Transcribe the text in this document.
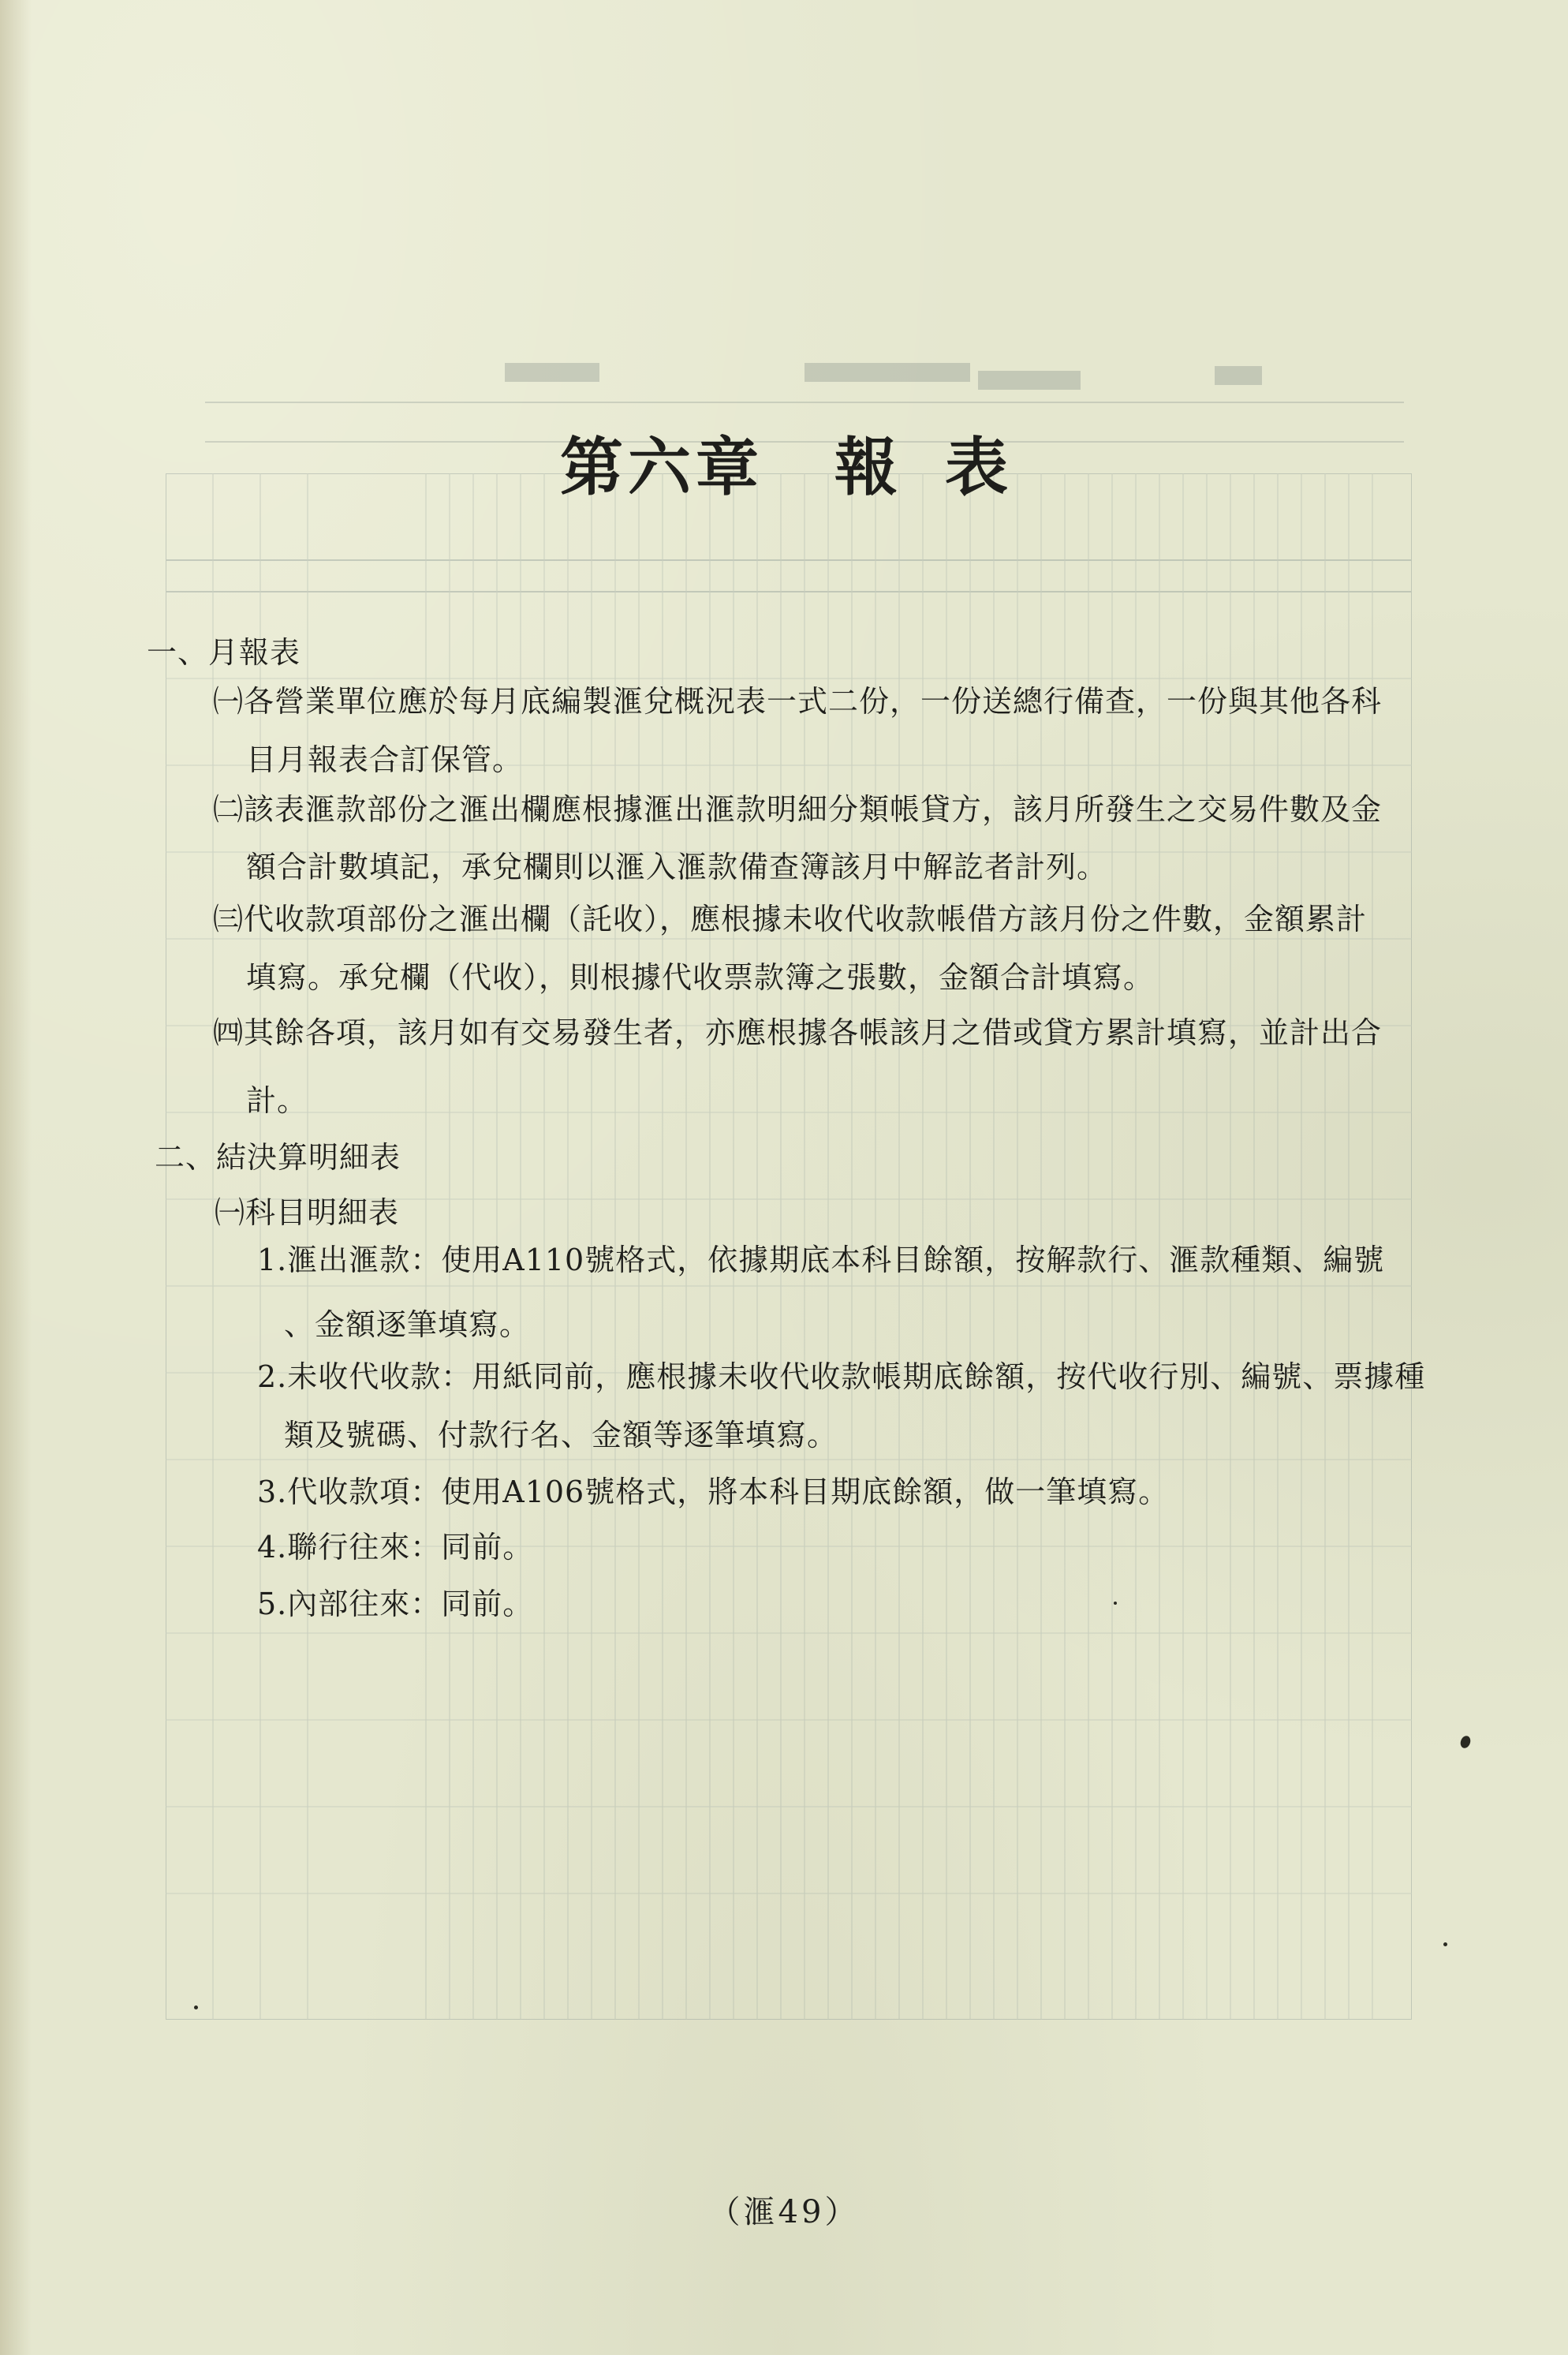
第六章 報表
一、月報表
㈠各營業單位應於每月底編製滙兌概況表一式二份，一份送總行備查，一份與其他各科
目月報表合訂保管。
㈡該表滙款部份之滙出欄應根據滙出滙款明細分類帳貸方，該月所發生之交易件數及金
額合計數填記，承兌欄則以滙入滙款備查簿該月中解訖者計列。
㈢代收款項部份之滙出欄（託收），應根據未收代收款帳借方該月份之件數，金額累計
填寫。承兌欄（代收），則根據代收票款簿之張數，金額合計填寫。
㈣其餘各項，該月如有交易發生者，亦應根據各帳該月之借或貸方累計填寫，並計出合
計。
二、結決算明細表
㈠科目明細表
1.滙出滙款：使用A110號格式，依據期底本科目餘額，按解款行、滙款種類、編號
、金額逐筆填寫。
2.未收代收款：用紙同前，應根據未收代收款帳期底餘額，按代收行別、編號、票據種
類及號碼、付款行名、金額等逐筆填寫。
3.代收款項：使用A106號格式，將本科目期底餘額，做一筆填寫。
4.聯行往來：同前。
5.內部往來：同前。
（滙49）
